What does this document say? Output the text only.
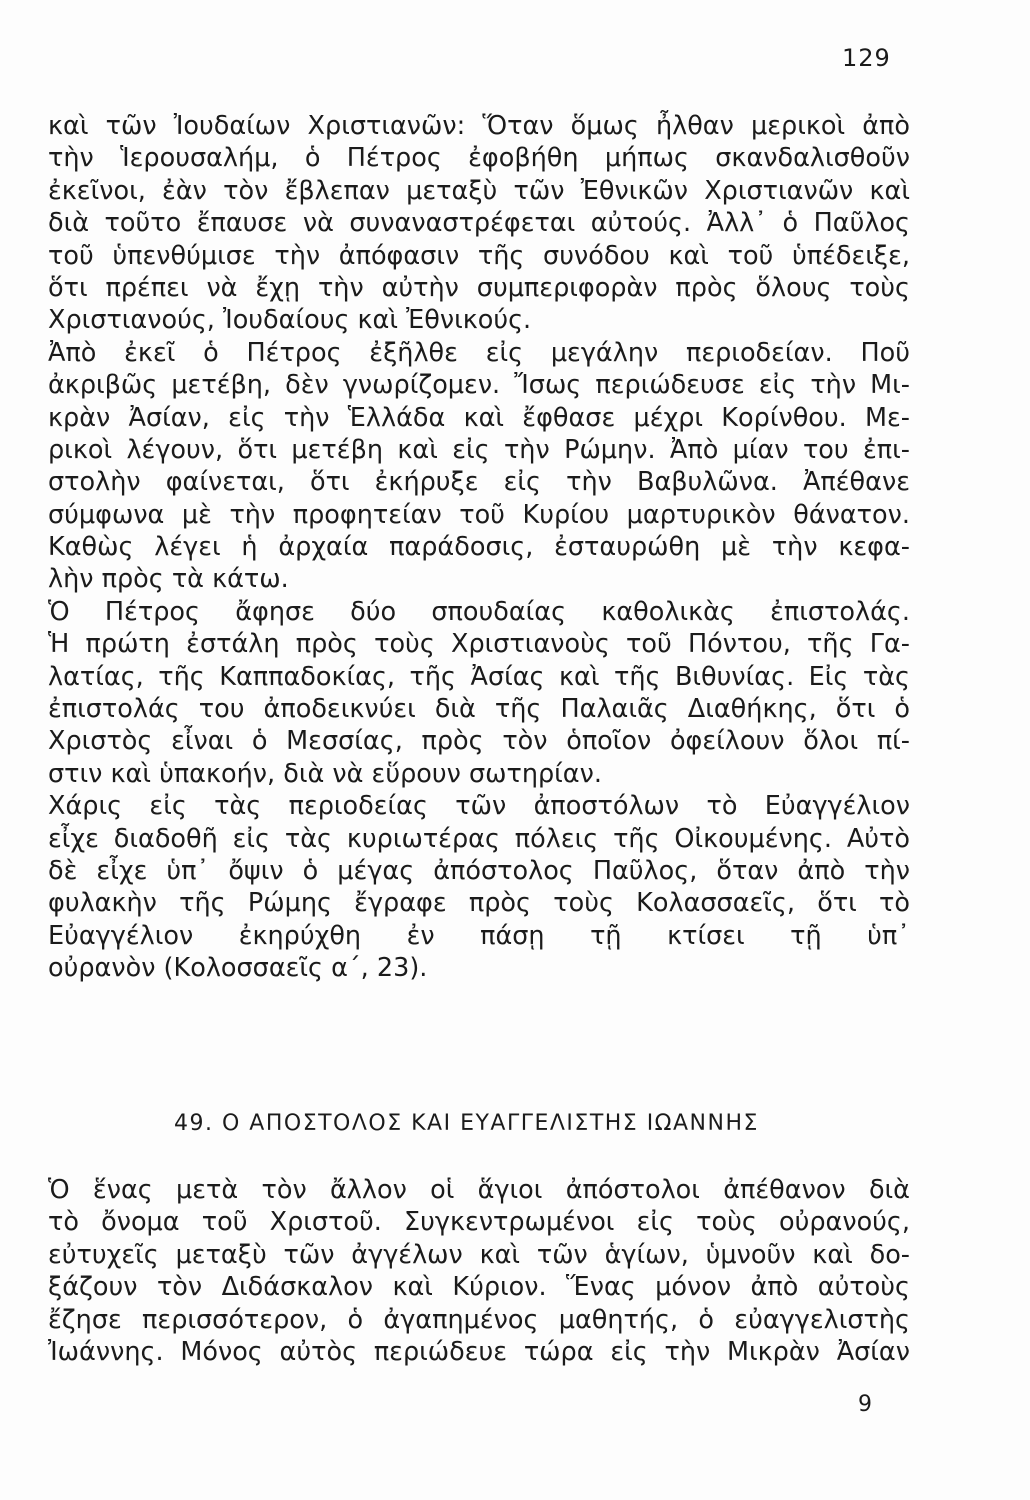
129
καὶ τῶν Ἰουδαίων Χριστιανῶν: Ὅταν ὅμως ἦλθαν μερικοὶ ἀπὸ
τὴν Ἱερουσαλήμ, ὁ Πέτρος ἐφοβήθη μήπως σκανδαλισθοῦν
ἐκεῖνοι, ἐὰν τὸν ἔβλεπαν μεταξὺ τῶν Ἐθνικῶν Χριστιανῶν καὶ
διὰ τοῦτο ἔπαυσε νὰ συναναστρέφεται αὐτούς. Ἀλλ᾽ ὁ Παῦλος
τοῦ ὑπενθύμισε τὴν ἀπόφασιν τῆς συνόδου καὶ τοῦ ὑπέδειξε,
ὅτι πρέπει νὰ ἔχῃ τὴν αὐτὴν συμπεριφορὰν πρὸς ὅλους τοὺς
Χριστιανούς, Ἰουδαίους καὶ Ἐθνικούς.
Ἀπὸ ἐκεῖ ὁ Πέτρος ἐξῆλθε εἰς μεγάλην περιοδείαν. Ποῦ
ἀκριβῶς μετέβη, δὲν γνωρίζομεν. Ἴσως περιώδευσε εἰς τὴν Μι-
κρὰν Ἀσίαν, εἰς τὴν Ἑλλάδα καὶ ἔφθασε μέχρι Κορίνθου. Με-
ρικοὶ λέγουν, ὅτι μετέβη καὶ εἰς τὴν Ρώμην. Ἀπὸ μίαν του ἐπι-
στολὴν φαίνεται, ὅτι ἐκήρυξε εἰς τὴν Βαβυλῶνα. Ἀπέθανε
σύμφωνα μὲ τὴν προφητείαν τοῦ Κυρίου μαρτυρικὸν θάνατον.
Καθὼς λέγει ἡ ἀρχαία παράδοσις, ἐσταυρώθη μὲ τὴν κεφα-
λὴν πρὸς τὰ κάτω.
Ὁ Πέτρος ἄφησε δύο σπουδαίας καθολικὰς ἐπιστολάς.
Ἡ πρώτη ἐστάλη πρὸς τοὺς Χριστιανοὺς τοῦ Πόντου, τῆς Γα-
λατίας, τῆς Καππαδοκίας, τῆς Ἀσίας καὶ τῆς Βιθυνίας. Εἰς τὰς
ἐπιστολάς του ἀποδεικνύει διὰ τῆς Παλαιᾶς Διαθήκης, ὅτι ὁ
Χριστὸς εἶναι ὁ Μεσσίας, πρὸς τὸν ὁποῖον ὀφείλουν ὅλοι πί-
στιν καὶ ὑπακοήν, διὰ νὰ εὕρουν σωτηρίαν.
Χάρις εἰς τὰς περιοδείας τῶν ἀποστόλων τὸ Εὐαγγέλιον
εἶχε διαδοθῆ εἰς τὰς κυριωτέρας πόλεις τῆς Οἰκουμένης. Αὐτὸ
δὲ εἶχε ὑπ᾽ ὄψιν ὁ μέγας ἀπόστολος Παῦλος, ὅταν ἀπὸ τὴν
φυλακὴν τῆς Ρώμης ἔγραφε πρὸς τοὺς Κολασσαεῖς, ὅτι τὸ
Εὐαγγέλιον ἐκηρύχθη ἐν πάσῃ τῇ κτίσει τῇ ὑπ᾽
οὐρανὸν (Κολοσσαεῖς α΄, 23).
49. Ο ΑΠΟΣΤΟΛΟΣ ΚΑΙ ΕΥΑΓΓΕΛΙΣΤΗΣ ΙΩΑΝΝΗΣ
Ὁ ἕνας μετὰ τὸν ἄλλον οἱ ἅγιοι ἀπόστολοι ἀπέθανον διὰ
τὸ ὄνομα τοῦ Χριστοῦ. Συγκεντρωμένοι εἰς τοὺς οὐρανούς,
εὐτυχεῖς μεταξὺ τῶν ἀγγέλων καὶ τῶν ἁγίων, ὑμνοῦν καὶ δο-
ξάζουν τὸν Διδάσκαλον καὶ Κύριον. Ἕνας μόνον ἀπὸ αὐτοὺς
ἔζησε περισσότερον, ὁ ἀγαπημένος μαθητής, ὁ εὐαγγελιστὴς
Ἰωάννης. Μόνος αὐτὸς περιώδευε τώρα εἰς τὴν Μικρὰν Ἀσίαν
9
